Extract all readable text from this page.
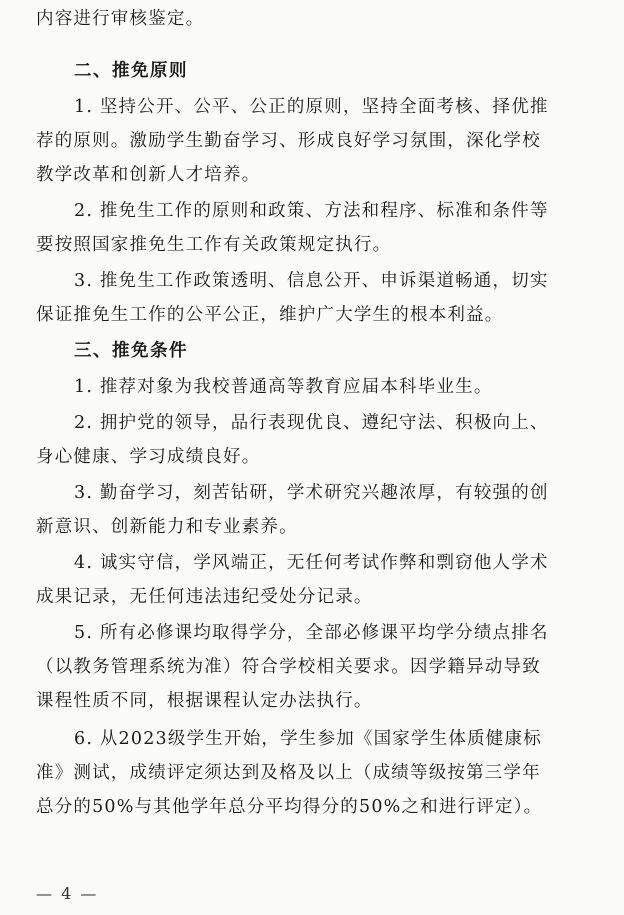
内容进行审核鉴定。
二、推免原则
1. 坚持公开、公平、公正的原则，坚持全面考核、择优推
荐的原则。激励学生勤奋学习、形成良好学习氛围，深化学校
教学改革和创新人才培养。
2. 推免生工作的原则和政策、方法和程序、标准和条件等
要按照国家推免生工作有关政策规定执行。
3. 推免生工作政策透明、信息公开、申诉渠道畅通，切实
保证推免生工作的公平公正，维护广大学生的根本利益。
三、推免条件
1. 推荐对象为我校普通高等教育应届本科毕业生。
2. 拥护党的领导，品行表现优良、遵纪守法、积极向上、
身心健康、学习成绩良好。
3. 勤奋学习，刻苦钻研，学术研究兴趣浓厚，有较强的创
新意识、创新能力和专业素养。
4. 诚实守信，学风端正，无任何考试作弊和剽窃他人学术
成果记录，无任何违法违纪受处分记录。
5. 所有必修课均取得学分，全部必修课平均学分绩点排名
（以教务管理系统为准）符合学校相关要求。因学籍异动导致
课程性质不同，根据课程认定办法执行。
6. 从2023级学生开始，学生参加《国家学生体质健康标
准》测试，成绩评定须达到及格及以上（成绩等级按第三学年
总分的50%与其他学年总分平均得分的50%之和进行评定）。
— 4 —
